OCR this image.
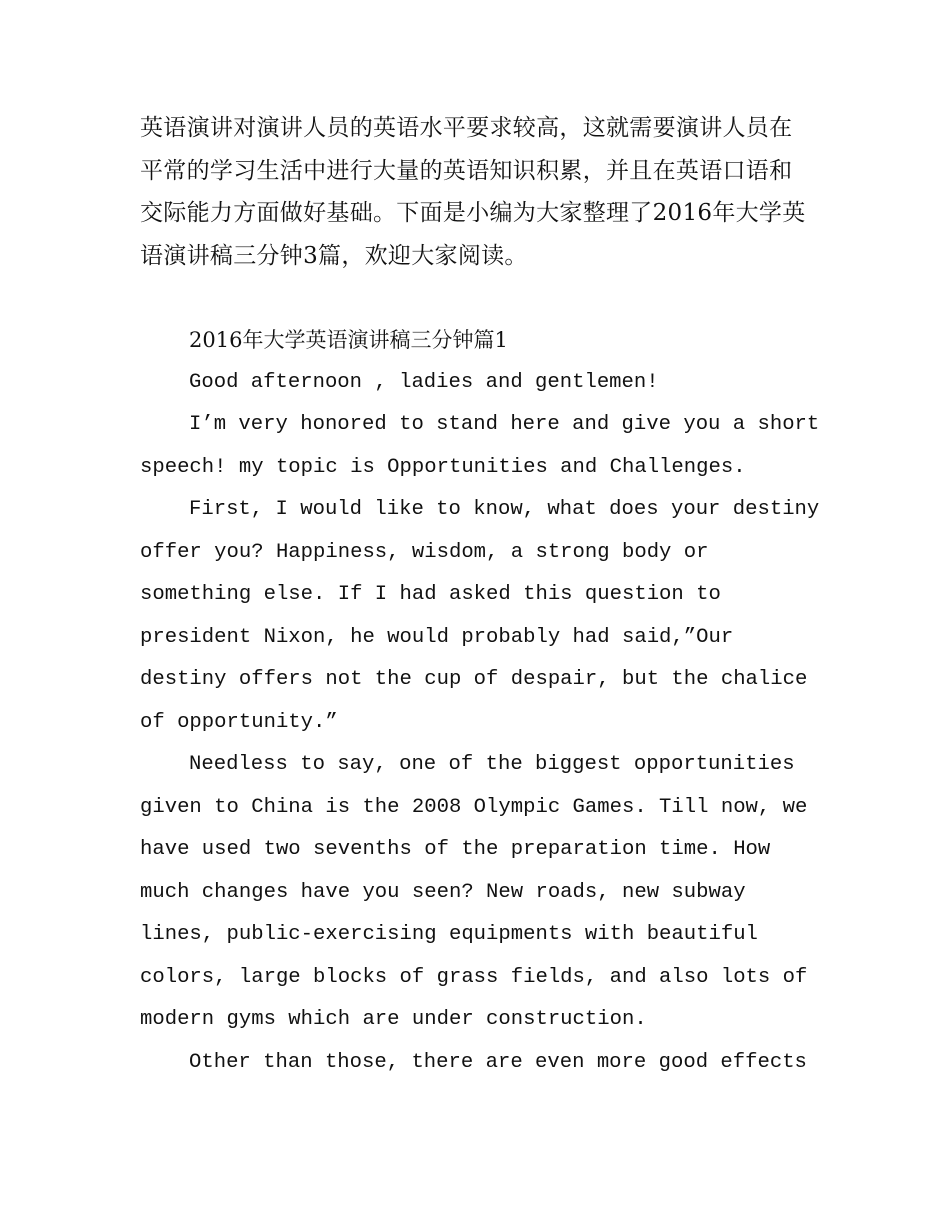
英语演讲对演讲人员的英语水平要求较高，这就需要演讲人员在平常的学习生活中进行大量的英语知识积累，并且在英语口语和交际能力方面做好基础。下面是小编为大家整理了2016年大学英语演讲稿三分钟3篇，欢迎大家阅读。

2016年大学英语演讲稿三分钟篇1

Good afternoon , ladies and gentlemen!

I’m very honored to stand here and give you a short speech! my topic is Opportunities and Challenges.

First, I would like to know, what does your destiny offer you? Happiness, wisdom, a strong body or something else. If I had asked this question to president Nixon, he would probably had said,”Our destiny offers not the cup of despair, but the chalice of opportunity.”

Needless to say, one of the biggest opportunities given to China is the 2008 Olympic Games. Till now, we have used two sevenths of the preparation time. How much changes have you seen? New roads, new subway lines, public-exercising equipments with beautiful colors, large blocks of grass fields, and also lots of modern gyms which are under construction.

Other than those, there are even more good effects
